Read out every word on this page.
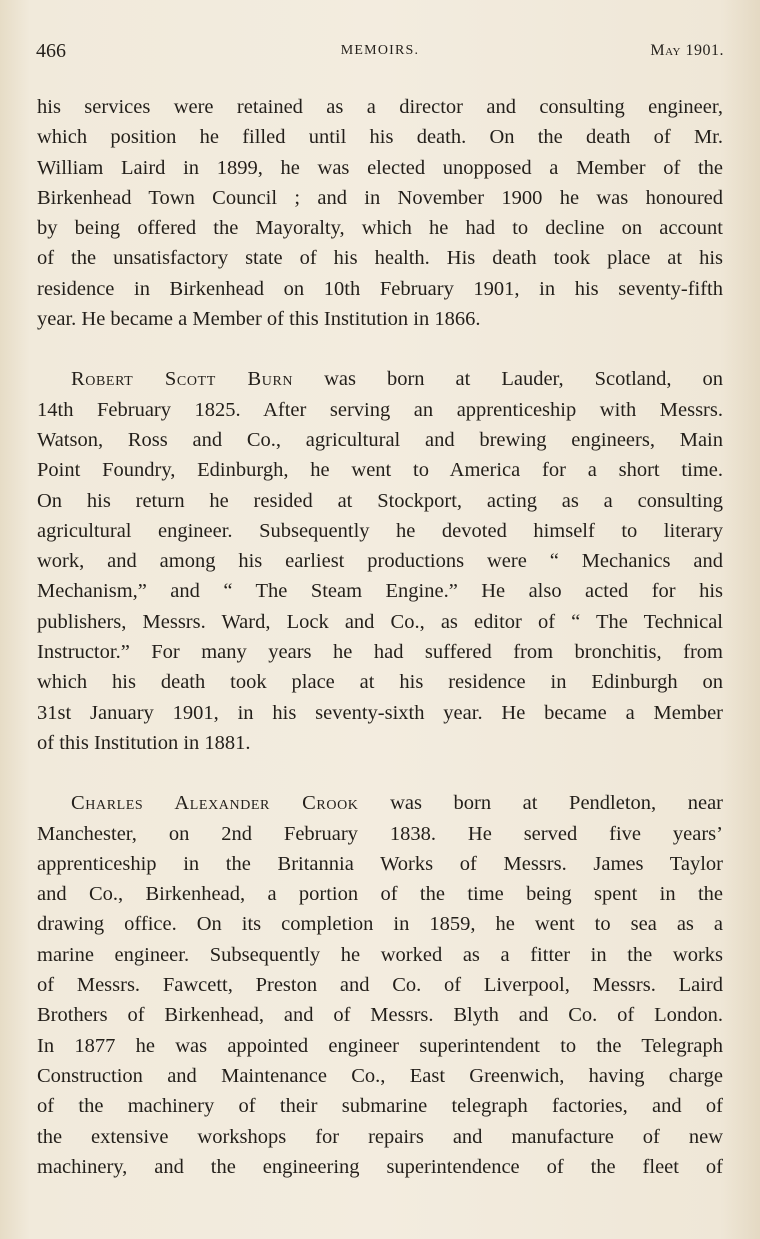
466	MEMOIRS.	May 1901.

his services were retained as a director and consulting engineer,
which position he filled until his death. On the death of Mr.
William Laird in 1899, he was elected unopposed a Member of the
Birkenhead Town Council ; and in November 1900 he was honoured
by being offered the Mayoralty, which he had to decline on account
of the unsatisfactory state of his health. His death took place at his
residence in Birkenhead on 10th February 1901, in his seventy-fifth
year. He became a Member of this Institution in 1866.

Robert Scott Burn was born at Lauder, Scotland, on
14th February 1825. After serving an apprenticeship with Messrs.
Watson, Ross and Co., agricultural and brewing engineers, Main
Point Foundry, Edinburgh, he went to America for a short time.
On his return he resided at Stockport, acting as a consulting
agricultural engineer. Subsequently he devoted himself to literary
work, and among his earliest productions were “ Mechanics and
Mechanism,” and “ The Steam Engine.” He also acted for his
publishers, Messrs. Ward, Lock and Co., as editor of “ The Technical
Instructor.” For many years he had suffered from bronchitis, from
which his death took place at his residence in Edinburgh on
31st January 1901, in his seventy-sixth year. He became a Member
of this Institution in 1881.

Charles Alexander Crook was born at Pendleton, near
Manchester, on 2nd February 1838. He served five years’
apprenticeship in the Britannia Works of Messrs. James Taylor
and Co., Birkenhead, a portion of the time being spent in the
drawing office. On its completion in 1859, he went to sea as a
marine engineer. Subsequently he worked as a fitter in the works
of Messrs. Fawcett, Preston and Co. of Liverpool, Messrs. Laird
Brothers of Birkenhead, and of Messrs. Blyth and Co. of London.
In 1877 he was appointed engineer superintendent to the Telegraph
Construction and Maintenance Co., East Greenwich, having charge
of the machinery of their submarine telegraph factories, and of
the extensive workshops for repairs and manufacture of new
machinery, and the engineering superintendence of the fleet of
